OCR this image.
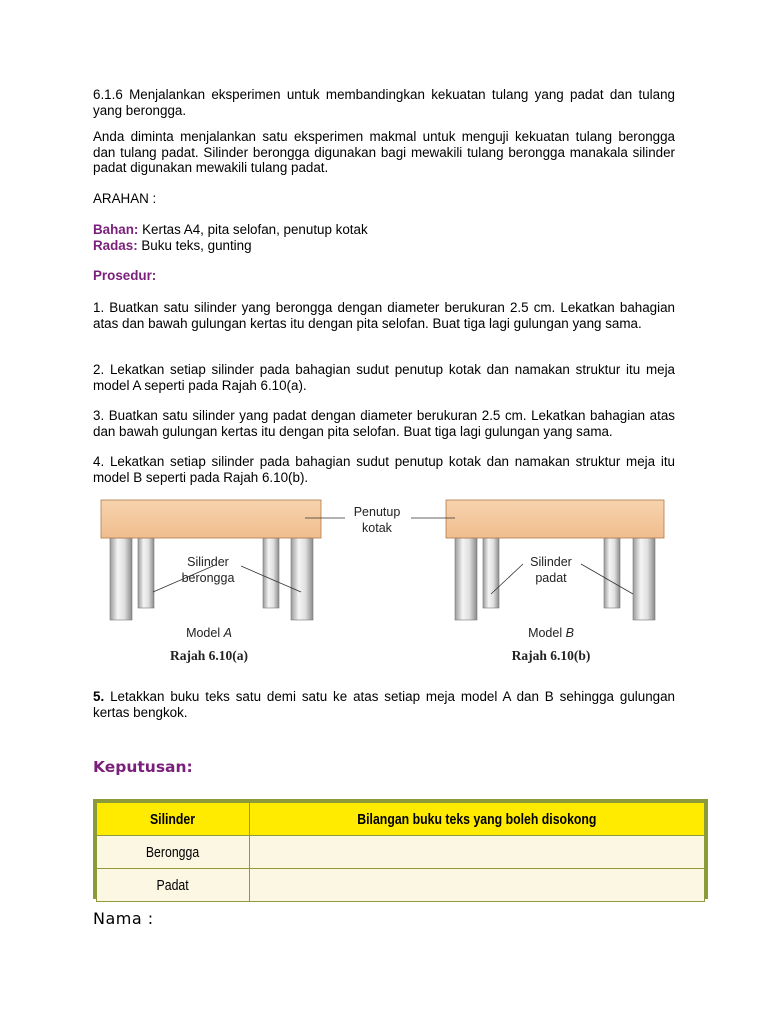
6.1.6 Menjalankan eksperimen untuk membandingkan kekuatan tulang yang padat dan tulang yang berongga.

Anda diminta menjalankan satu eksperimen makmal untuk menguji kekuatan tulang berongga dan tulang padat. Silinder berongga digunakan bagi mewakili tulang berongga manakala silinder padat digunakan mewakili tulang padat.

ARAHAN :

Bahan: Kertas A4, pita selofan, penutup kotak

Radas: Buku teks, gunting

Prosedur:

1. Buatkan satu silinder yang berongga dengan diameter berukuran 2.5 cm. Lekatkan bahagian atas dan bawah gulungan kertas itu dengan pita selofan. Buat tiga lagi gulungan yang sama.

2. Lekatkan setiap silinder pada bahagian sudut penutup kotak dan namakan struktur itu meja model A seperti pada Rajah 6.10(a).

3. Buatkan satu silinder yang padat dengan diameter berukuran 2.5 cm. Lekatkan bahagian atas dan bawah gulungan kertas itu dengan pita selofan. Buat tiga lagi gulungan yang sama.

4. Lekatkan setiap silinder pada bahagian sudut penutup kotak dan namakan struktur meja itu model B seperti pada Rajah 6.10(b).

5. Letakkan buku teks satu demi satu ke atas setiap meja model A dan B sehingga gulungan kertas bengkok.

Keputusan:

Penutup
kotak
Silinder
berongga
Silinder
padat
Model A	Model B
Rajah 6.10(a)	Rajah 6.10(b)
Silinder	Bilangan buku teks yang boleh disokong
Berongga	
Padat	
Nama :
